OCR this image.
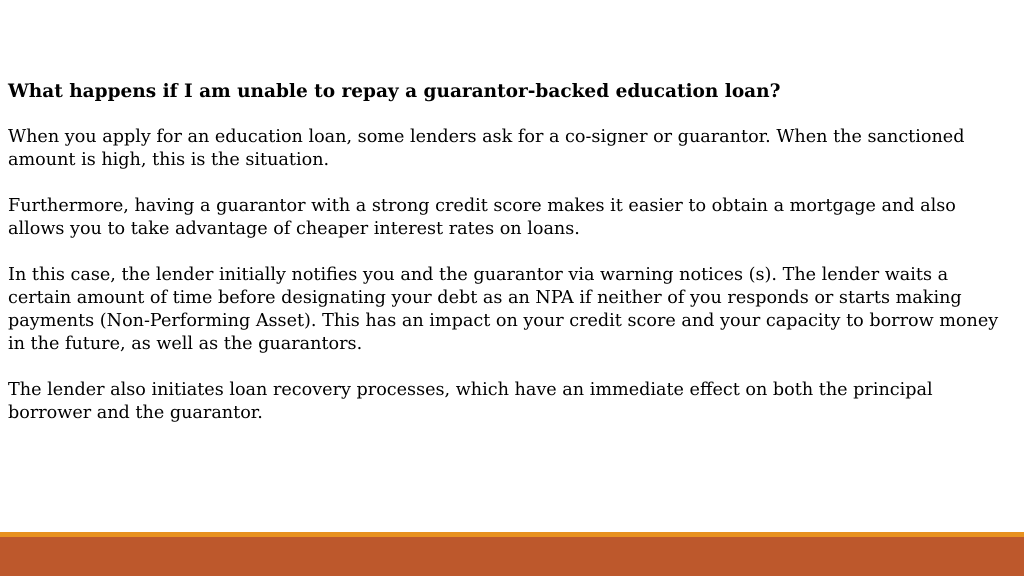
What happens if I am unable to repay a guarantor-backed education loan?

When you apply for an education loan, some lenders ask for a co-signer or guarantor. When the sanctioned amount is high, this is the situation.

Furthermore, having a guarantor with a strong credit score makes it easier to obtain a mortgage and also allows you to take advantage of cheaper interest rates on loans.

In this case, the lender initially notifies you and the guarantor via warning notices (s). The lender waits a certain amount of time before designating your debt as an NPA if neither of you responds or starts making payments (Non-Performing Asset). This has an impact on your credit score and your capacity to borrow money in the future, as well as the guarantors.

The lender also initiates loan recovery processes, which have an immediate effect on both the principal borrower and the guarantor.
